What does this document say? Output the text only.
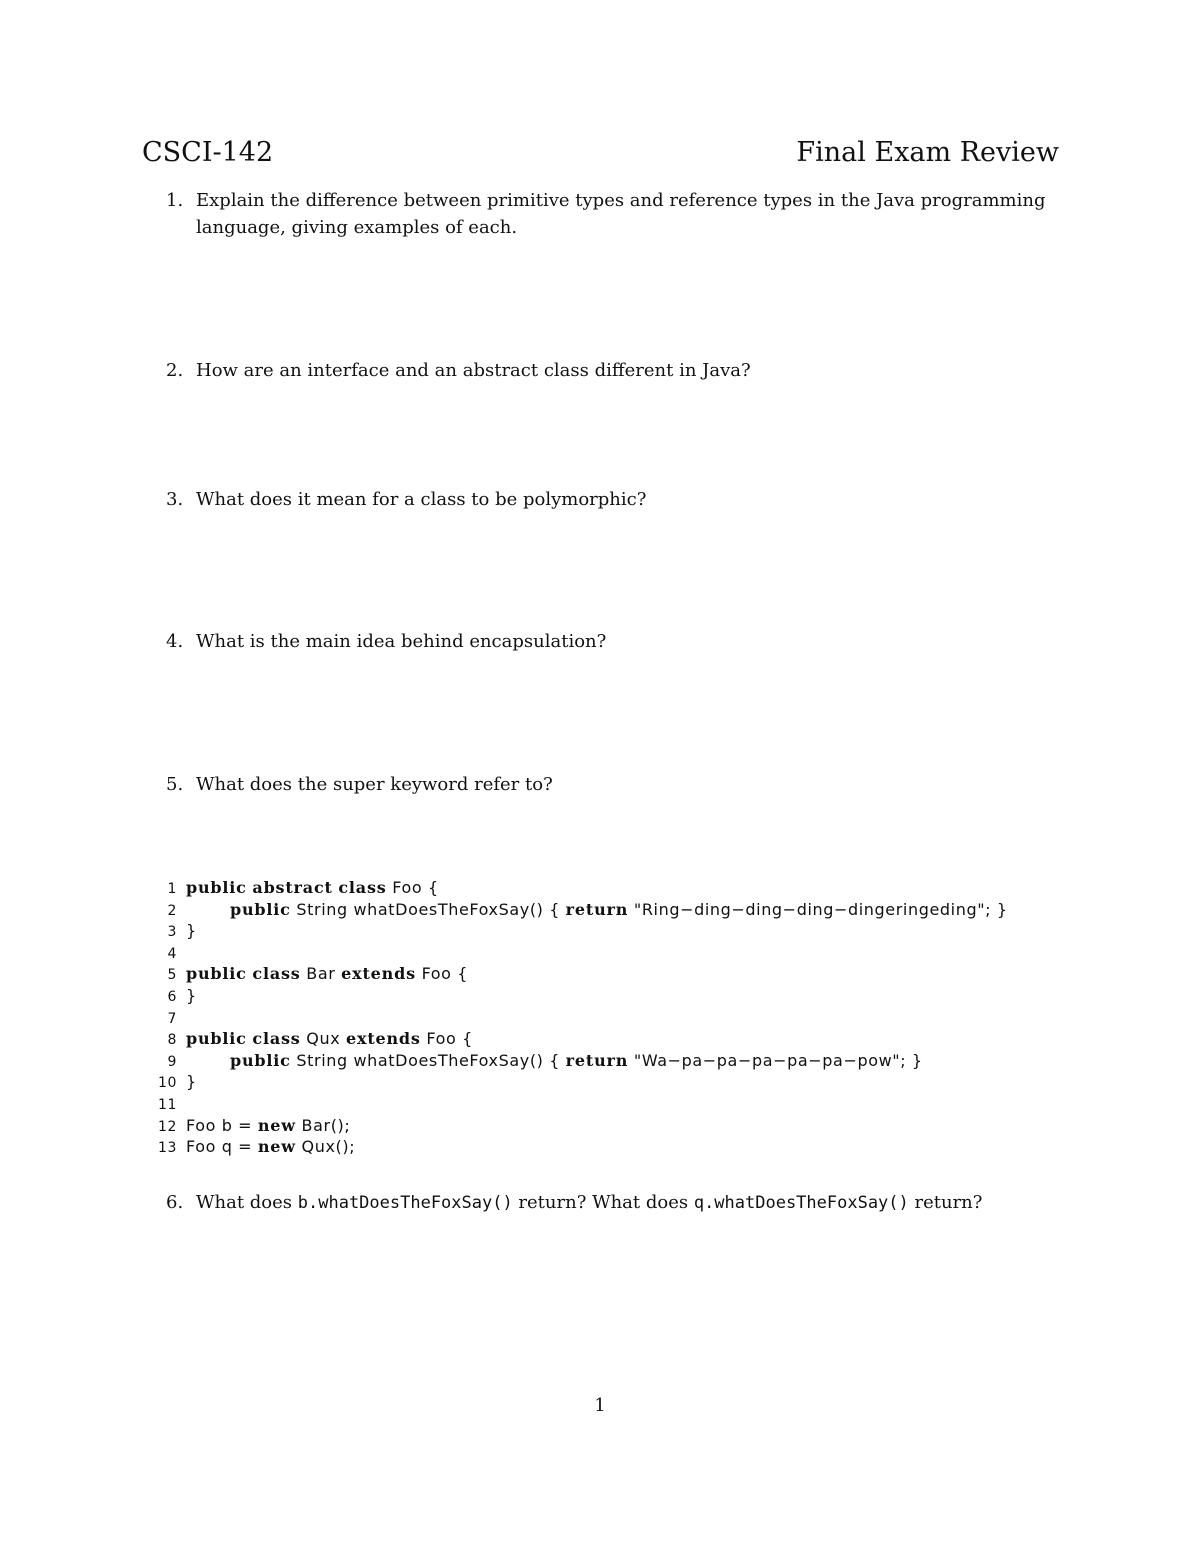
CSCI-142	Final Exam Review
1. Explain the difference between primitive types and reference types in the Java programming language, giving examples of each.
2. How are an interface and an abstract class different in Java?
3. What does it mean for a class to be polymorphic?
4. What is the main idea behind encapsulation?
5. What does the super keyword refer to?
1 public abstract class Foo {
2	public String whatDoesTheFoxSay() { return "Ring−ding−ding−ding−dingeringeding"; }
3 }
4
5 public class Bar extends Foo {
6 }
7
8 public class Qux extends Foo {
9	public String whatDoesTheFoxSay() { return "Wa−pa−pa−pa−pa−pa−pow"; }
10 }
11
12 Foo b = new Bar();
13 Foo q = new Qux();
6. What does b.whatDoesTheFoxSay() return? What does q.whatDoesTheFoxSay() return?
1
